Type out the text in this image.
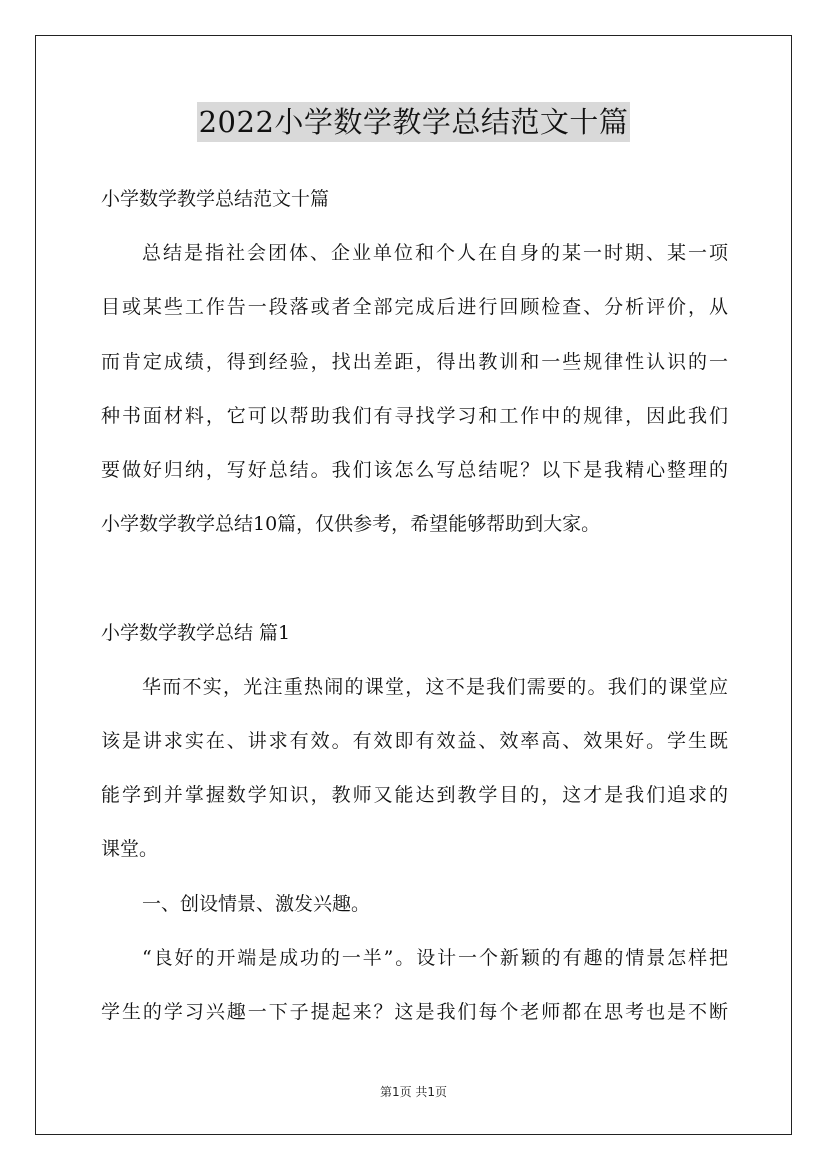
2022小学数学教学总结范文十篇
小学数学教学总结范文十篇
总结是指社会团体、企业单位和个人在自身的某一时期、某一项
目或某些工作告一段落或者全部完成后进行回顾检查、分析评价，从
而肯定成绩，得到经验，找出差距，得出教训和一些规律性认识的一
种书面材料，它可以帮助我们有寻找学习和工作中的规律，因此我们
要做好归纳，写好总结。我们该怎么写总结呢？以下是我精心整理的
小学数学教学总结10篇，仅供参考，希望能够帮助到大家。
小学数学教学总结 篇1
华而不实，光注重热闹的课堂，这不是我们需要的。我们的课堂应
该是讲求实在、讲求有效。有效即有效益、效率高、效果好。学生既
能学到并掌握数学知识，教师又能达到教学目的，这才是我们追求的
课堂。
一、创设情景、激发兴趣。
“良好的开端是成功的一半”。设计一个新颖的有趣的情景怎样把
学生的学习兴趣一下子提起来？这是我们每个老师都在思考也是不断
第1页 共1页
